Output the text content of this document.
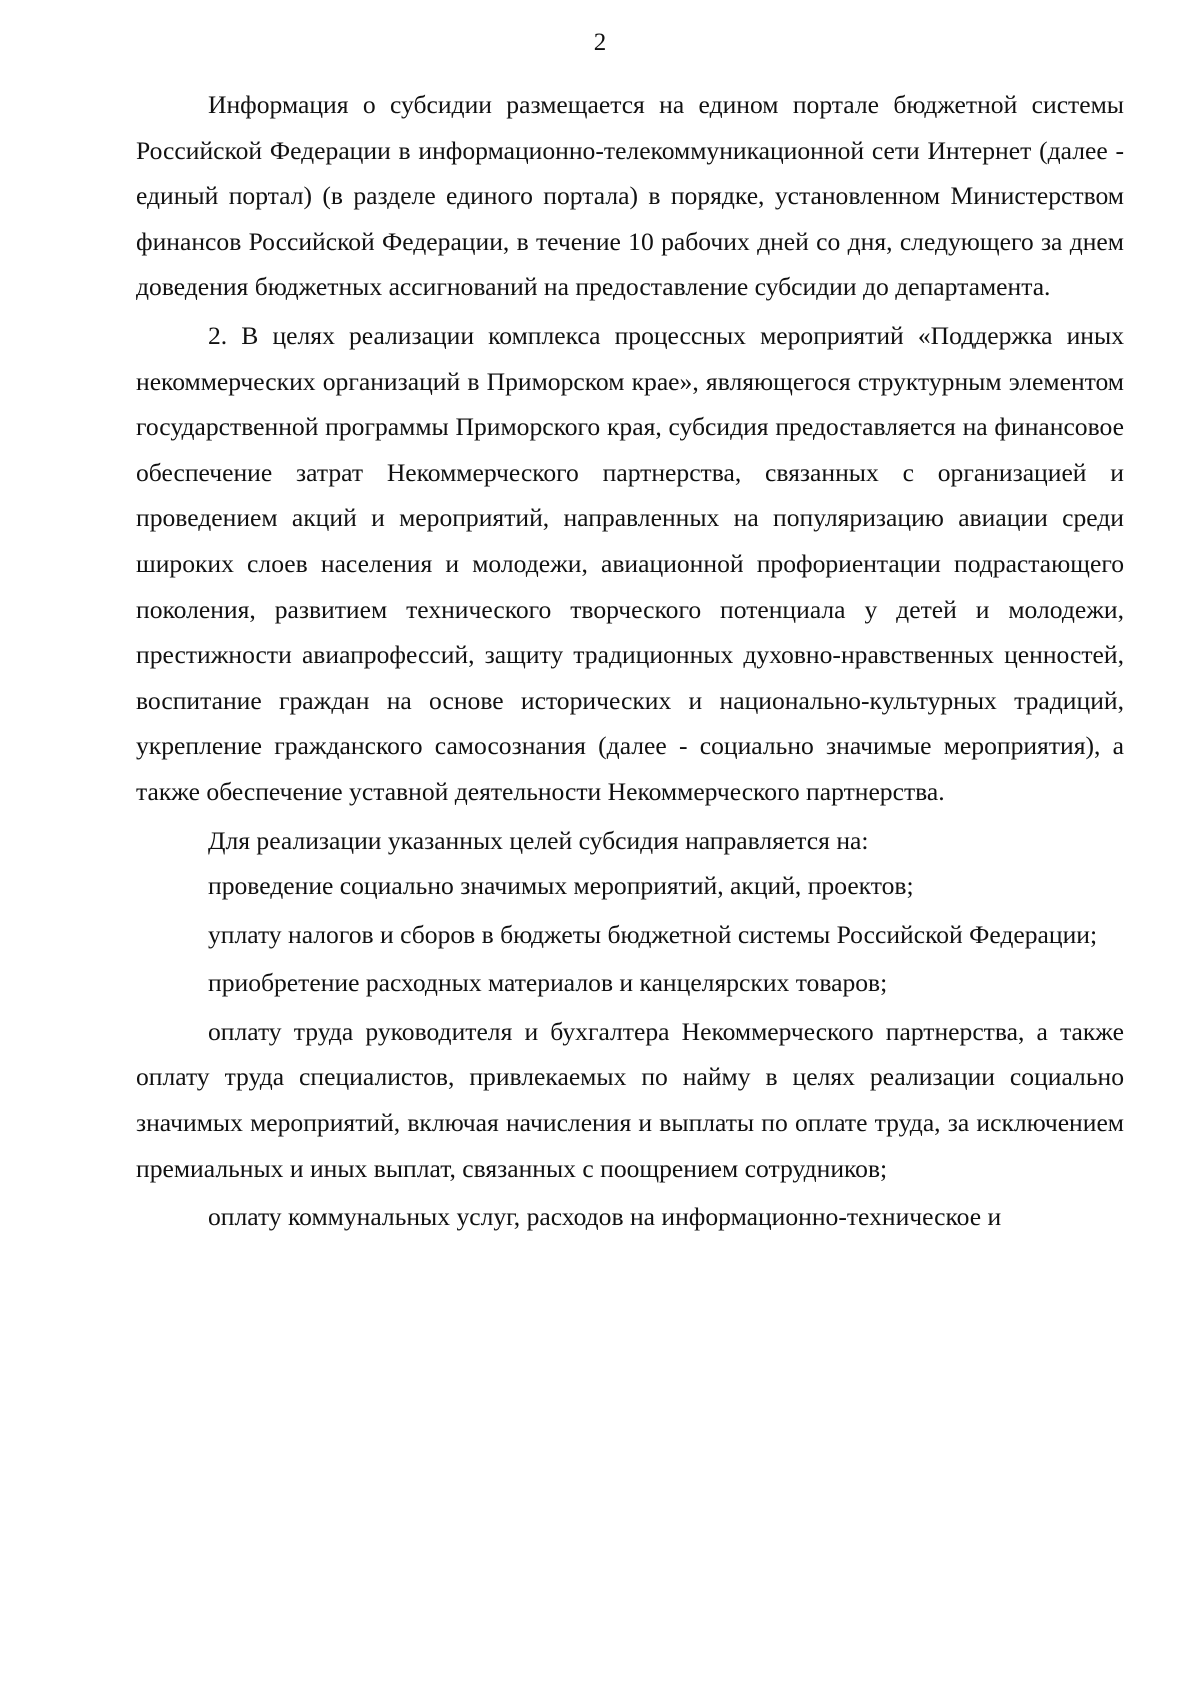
2

Информация о субсидии размещается на едином портале бюджетной системы Российской Федерации в информационно-телекоммуникационной сети Интернет (далее - единый портал) (в разделе единого портала) в порядке, установленном Министерством финансов Российской Федерации, в течение 10 рабочих дней со дня, следующего за днем доведения бюджетных ассигнований на предоставление субсидии до департамента.

2. В целях реализации комплекса процессных мероприятий «Поддержка иных некоммерческих организаций в Приморском крае», являющегося структурным элементом государственной программы Приморского края, субсидия предоставляется на финансовое обеспечение затрат Некоммерческого партнерства, связанных с организацией и проведением акций и мероприятий, направленных на популяризацию авиации среди широких слоев населения и молодежи, авиационной профориентации подрастающего поколения, развитием технического творческого потенциала у детей и молодежи, престижности авиапрофессий, защиту традиционных духовно-нравственных ценностей, воспитание граждан на основе исторических и национально-культурных традиций, укрепление гражданского самосознания (далее - социально значимые мероприятия), а также обеспечение уставной деятельности Некоммерческого партнерства.

Для реализации указанных целей субсидия направляется на:

проведение социально значимых мероприятий, акций, проектов;

уплату налогов и сборов в бюджеты бюджетной системы Российской Федерации;

приобретение расходных материалов и канцелярских товаров;

оплату труда руководителя и бухгалтера Некоммерческого партнерства, а также оплату труда специалистов, привлекаемых по найму в целях реализации социально значимых мероприятий, включая начисления и выплаты по оплате труда, за исключением премиальных и иных выплат, связанных с поощрением сотрудников;

оплату коммунальных услуг, расходов на информационно-техническое и
